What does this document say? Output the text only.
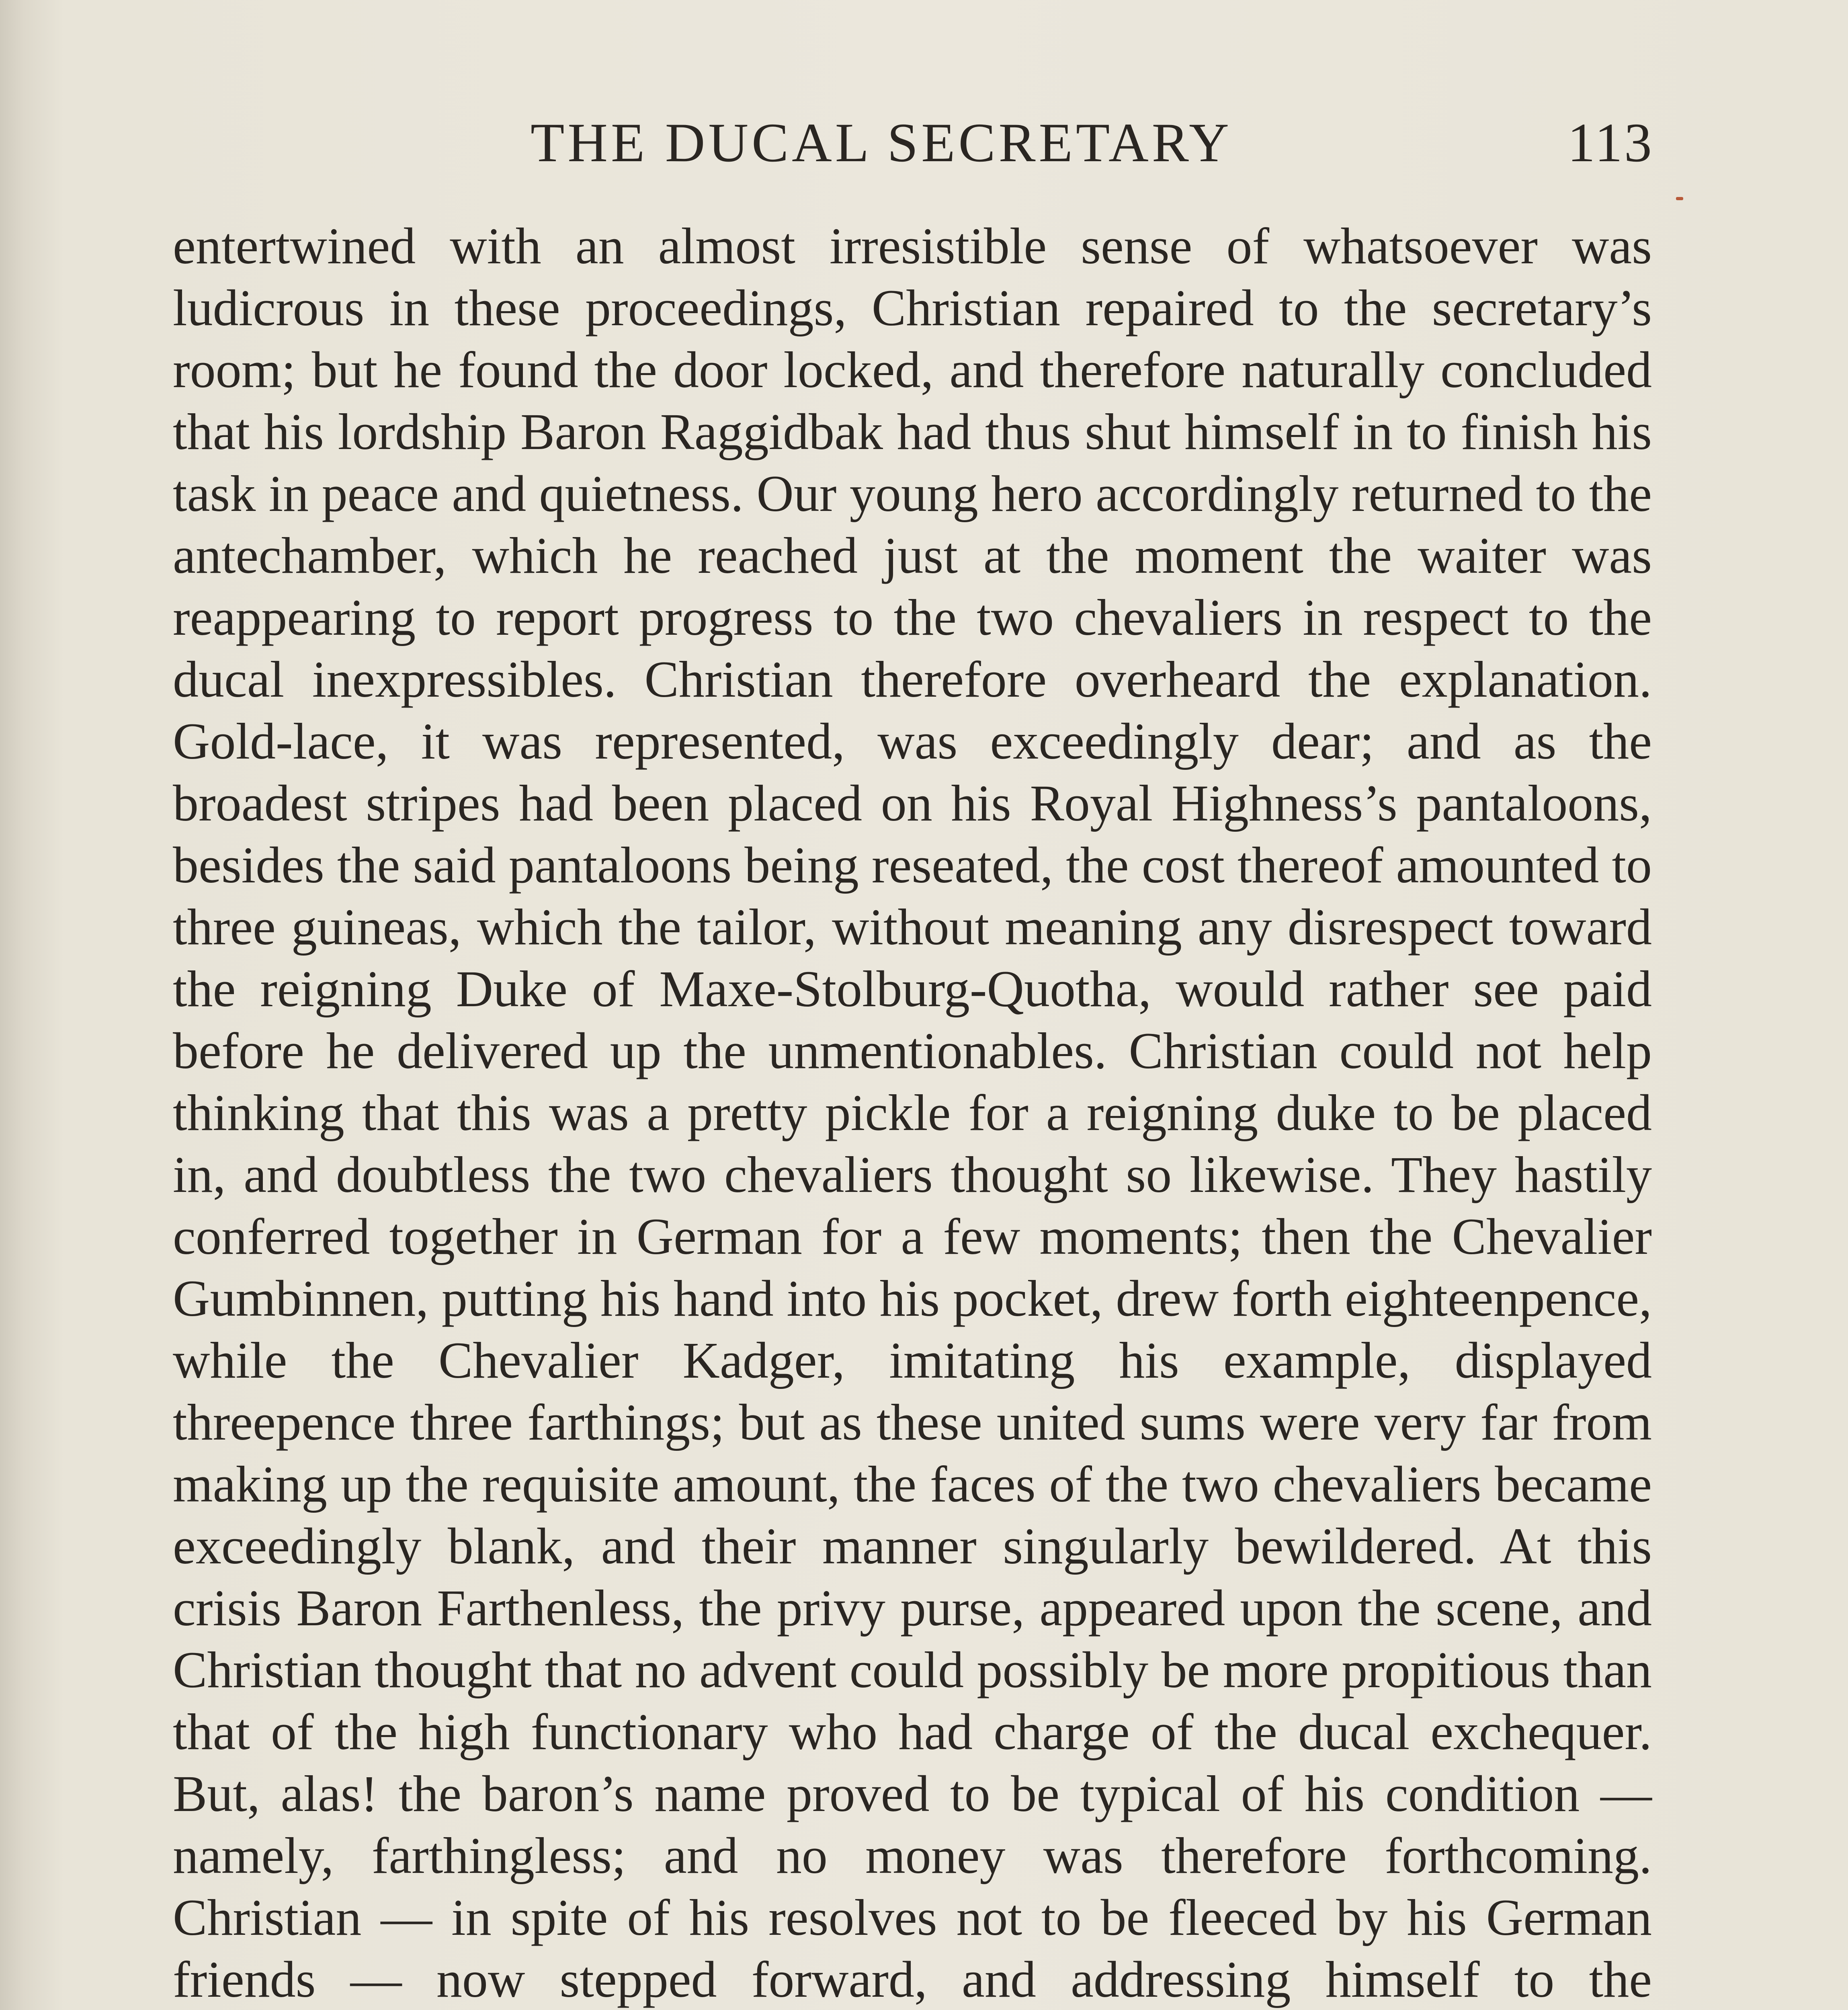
THE DUCAL SECRETARY	113

entertwined with an almost irresistible sense of whatsoever was ludicrous in these proceedings, Christian repaired to the secretary’s room; but he found the door locked, and therefore naturally concluded that his lordship Baron Raggidbak had thus shut himself in to finish his task in peace and quietness. Our young hero accordingly returned to the antechamber, which he reached just at the moment the waiter was reappearing to report progress to the two chevaliers in respect to the ducal inexpressibles. Christian therefore overheard the explanation. Gold-lace, it was represented, was exceedingly dear; and as the broadest stripes had been placed on his Royal Highness’s pantaloons, besides the said pantaloons being reseated, the cost thereof amounted to three guineas, which the tailor, without meaning any disrespect toward the reigning Duke of Maxe-Stolburg-Quotha, would rather see paid before he delivered up the unmentionables. Christian could not help thinking that this was a pretty pickle for a reigning duke to be placed in, and doubtless the two chevaliers thought so likewise. They hastily conferred together in German for a few moments; then the Chevalier Gumbinnen, putting his hand into his pocket, drew forth eighteenpence, while the Chevalier Kadger, imitating his example, displayed threepence three farthings; but as these united sums were very far from making up the requisite amount, the faces of the two chevaliers became exceedingly blank, and their manner singularly bewildered. At this crisis Baron Farthenless, the privy purse, appeared upon the scene, and Christian thought that no advent could possibly be more propitious than that of the high functionary who had charge of the ducal exchequer. But, alas! the baron’s name proved to be typical of his condition — namely, farthingless; and no money was therefore forthcoming. Christian — in spite of his resolves not to be fleeced by his German friends — now stepped forward, and addressing himself to the
